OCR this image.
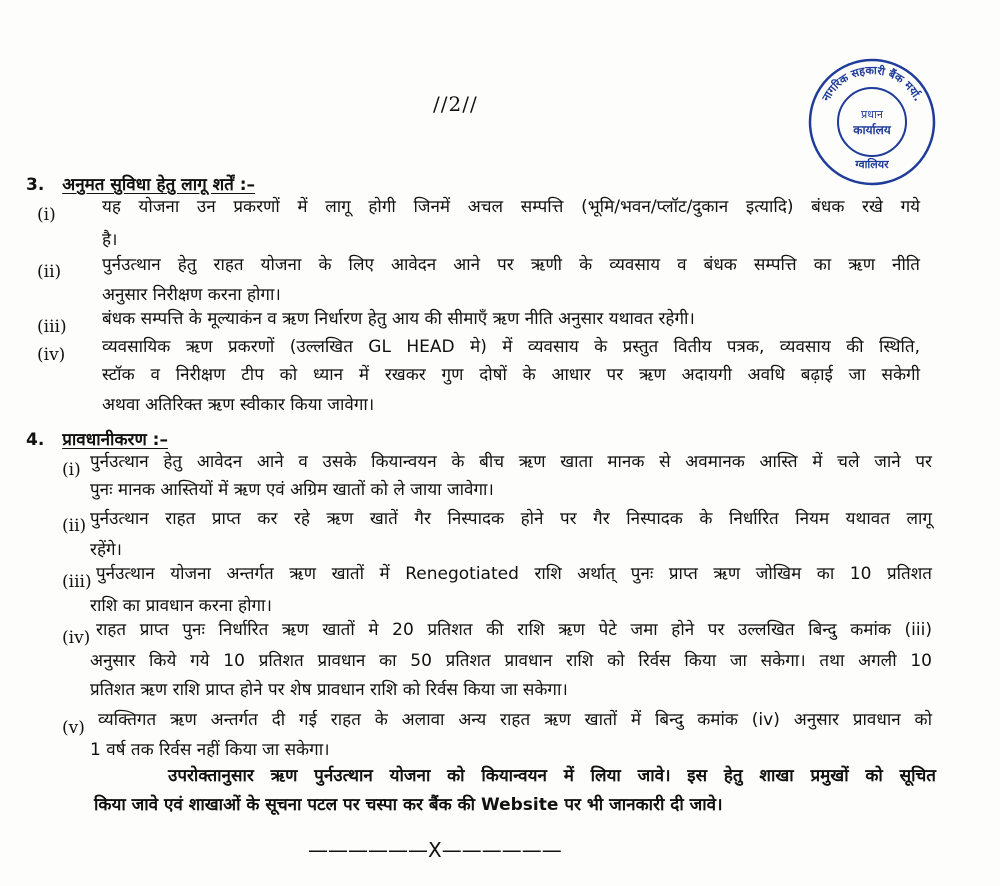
//2//	नागरिक सहकारी बैंक मर्या.
प्रधान
कार्यालय
ग्वालियर
3. अनुमत सुविधा हेतु लागू शर्तें :–
(i)	यह योजना उन प्रकरणों में लागू होगी जिनमें अचल सम्पत्ति (भूमि/भवन/प्लॉट/दुकान इत्यादि) बंधक रखे गये
है।
(ii) पुर्नउत्थान हेतु राहत योजना के लिए आवेदन आने पर ऋणी के व्यवसाय व बंधक सम्पत्ति का ऋण नीति
अनुसार निरीक्षण करना होगा।
(iii) बंधक सम्पत्ति के मूल्याकंन व ऋण निर्धारण हेतु आय की सीमाएँ ऋण नीति अनुसार यथावत रहेगी।
(iv) व्यवसायिक ऋण प्रकरणों (उल्लखित GL HEAD मे) में व्यवसाय के प्रस्तुत वितीय पत्रक, व्यवसाय की स्थिति,
स्टॉक व निरीक्षण टीप को ध्यान में रखकर गुण दोषों के आधार पर ऋण अदायगी अवधि बढ़ाई जा सकेगी
अथवा अतिरिक्त ऋण स्वीकार किया जावेगा।
4. प्रावधानीकरण :–
(i) पुर्नउत्थान हेतु आवेदन आने व उसके कियान्वयन के बीच ऋण खाता मानक से अवमानक आस्ति में चले जाने पर
पुनः मानक आस्तियों में ऋण एवं अग्रिम खातों को ले जाया जावेगा।
(ii) पुर्नउत्थान राहत प्राप्त कर रहे ऋण खातें गैर निस्पादक होने पर गैर निस्पादक के निर्धारित नियम यथावत लागू
रहेंगे।
(iii) पुर्नउत्थान योजना अन्तर्गत ऋण खातों में Renegotiated राशि अर्थात् पुनः प्राप्त ऋण जोखिम का 10 प्रतिशत
राशि का प्रावधान करना होगा।
(iv) राहत प्राप्त पुनः निर्धारित ऋण खातों मे 20 प्रतिशत की राशि ऋण पेटे जमा होने पर उल्लखित बिन्दु कमांक (iii)
अनुसार किये गये 10 प्रतिशत प्रावधान का 50 प्रतिशत प्रावधान राशि को रिर्वस किया जा सकेगा। तथा अगली 10
प्रतिशत ऋण राशि प्राप्त होने पर शेष प्रावधान राशि को रिर्वस किया जा सकेगा।
(v) व्यक्तिगत ऋण अन्तर्गत दी गई राहत के अलावा अन्य राहत ऋण खातों में बिन्दु कमांक (iv) अनुसार प्रावधान को
1 वर्ष तक रिर्वस नहीं किया जा सकेगा।
उपरोक्तानुसार ऋण पुर्नउत्थान योजना को कियान्वयन में लिया जावे। इस हेतु शाखा प्रमुखों को सूचित
किया जावे एवं शाखाओं के सूचना पटल पर चस्पा कर बैंक की Website पर भी जानकारी दी जावे।
——————X——————
